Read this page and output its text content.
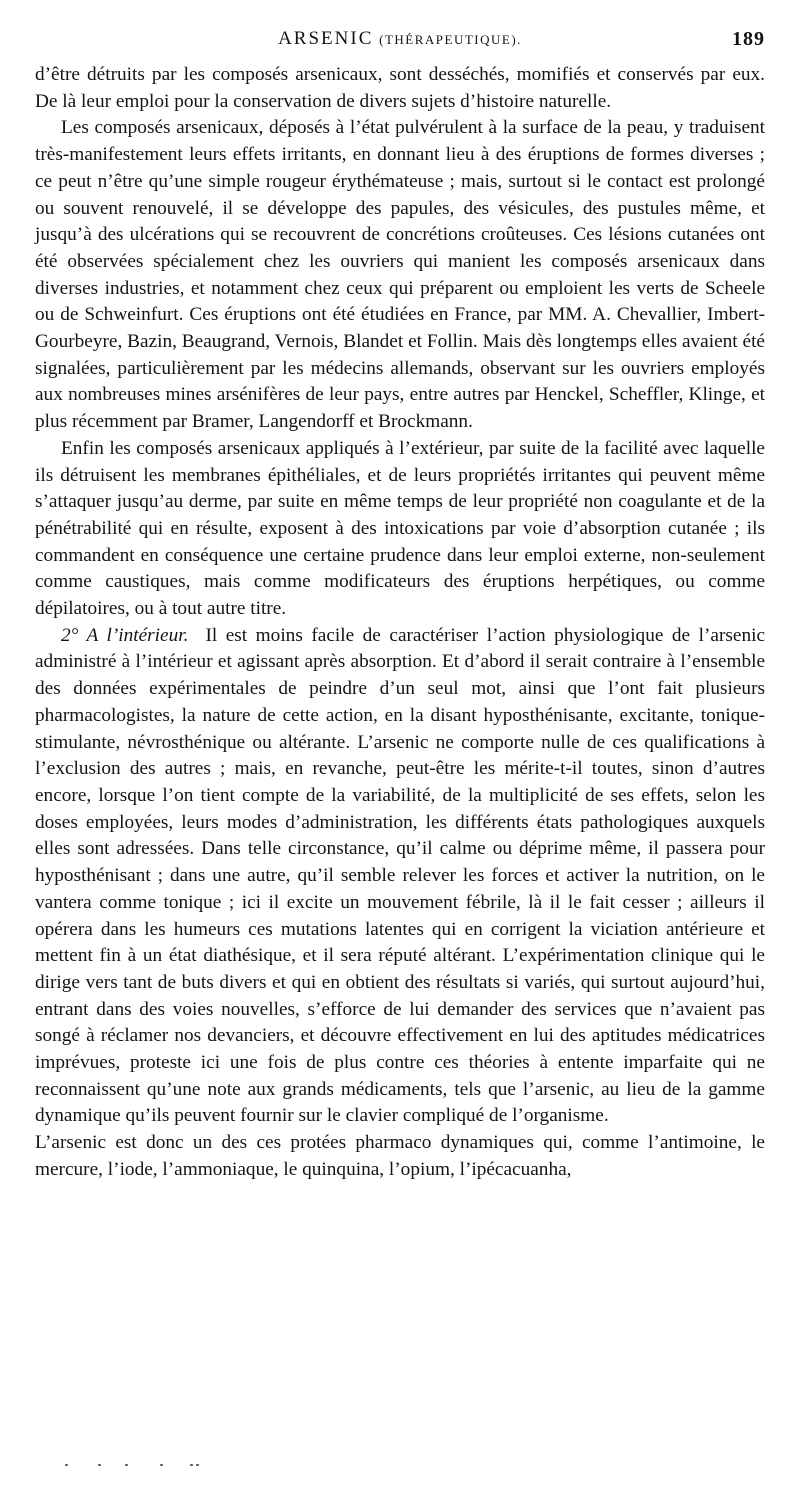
ARSENIC (THÉRAPEUTIQUE).	189

d’être détruits par les composés arsenicaux, sont desséchés, momifiés et conservés par eux. De là leur emploi pour la conservation de divers sujets d’histoire naturelle.

Les composés arsenicaux, déposés à l’état pulvérulent à la surface de la peau, y traduisent très-manifestement leurs effets irritants, en donnant lieu à des éruptions de formes diverses ; ce peut n’être qu’une simple rougeur érythémateuse ; mais, surtout si le contact est prolongé ou souvent renouvelé, il se développe des papules, des vésicules, des pustules même, et jusqu’à des ulcérations qui se recouvrent de concrétions croûteuses. Ces lésions cutanées ont été observées spécialement chez les ouvriers qui manient les composés arsenicaux dans diverses industries, et notamment chez ceux qui préparent ou emploient les verts de Scheele ou de Schweinfurt. Ces éruptions ont été étudiées en France, par MM. A. Chevallier, Imbert-Gourbeyre, Bazin, Beaugrand, Vernois, Blandet et Follin. Mais dès longtemps elles avaient été signalées, particulièrement par les médecins allemands, observant sur les ouvriers employés aux nombreuses mines arsénifères de leur pays, entre autres par Henckel, Scheffler, Klinge, et plus récemment par Bramer, Langendorff et Brockmann.

Enfin les composés arsenicaux appliqués à l’extérieur, par suite de la facilité avec laquelle ils détruisent les membranes épithéliales, et de leurs propriétés irritantes qui peuvent même s’attaquer jusqu’au derme, par suite en même temps de leur propriété non coagulante et de la pénétrabilité qui en résulte, exposent à des intoxications par voie d’absorption cutanée ; ils commandent en conséquence une certaine prudence dans leur emploi externe, non-seulement comme caustiques, mais comme modificateurs des éruptions herpétiques, ou comme dépilatoires, ou à tout autre titre.

2° A l’intérieur. Il est moins facile de caractériser l’action physiologique de l’arsenic administré à l’intérieur et agissant après absorption. Et d’abord il serait contraire à l’ensemble des données expérimentales de peindre d’un seul mot, ainsi que l’ont fait plusieurs pharmacologistes, la nature de cette action, en la disant hyposthénisante, excitante, tonique-stimulante, névrosthénique ou altérante. L’arsenic ne comporte nulle de ces qualifications à l’exclusion des autres ; mais, en revanche, peut-être les mérite-t-il toutes, sinon d’autres encore, lorsque l’on tient compte de la variabilité, de la multiplicité de ses effets, selon les doses employées, leurs modes d’administration, les différents états pathologiques auxquels elles sont adressées. Dans telle circonstance, qu’il calme ou déprime même, il passera pour hyposthénisant ; dans une autre, qu’il semble relever les forces et activer la nutrition, on le vantera comme tonique ; ici il excite un mouvement fébrile, là il le fait cesser ; ailleurs il opérera dans les humeurs ces mutations latentes qui en corrigent la viciation antérieure et mettent fin à un état diathésique, et il sera réputé altérant. L’expérimentation clinique qui le dirige vers tant de buts divers et qui en obtient des résultats si variés, qui surtout aujourd’hui, entrant dans des voies nouvelles, s’efforce de lui demander des services que n’avaient pas songé à réclamer nos devanciers, et découvre effectivement en lui des aptitudes médicatrices imprévues, proteste ici une fois de plus contre ces théories à entente imparfaite qui ne reconnaissent qu’une note aux grands médicaments, tels que l’arsenic, au lieu de la gamme dynamique qu’ils peuvent fournir sur le clavier compliqué de l’organisme.

L’arsenic est donc un des ces protées pharmaco dynamiques qui, comme l’antimoine, le mercure, l’iode, l’ammoniaque, le quinquina, l’opium, l’ipécacuanha,
